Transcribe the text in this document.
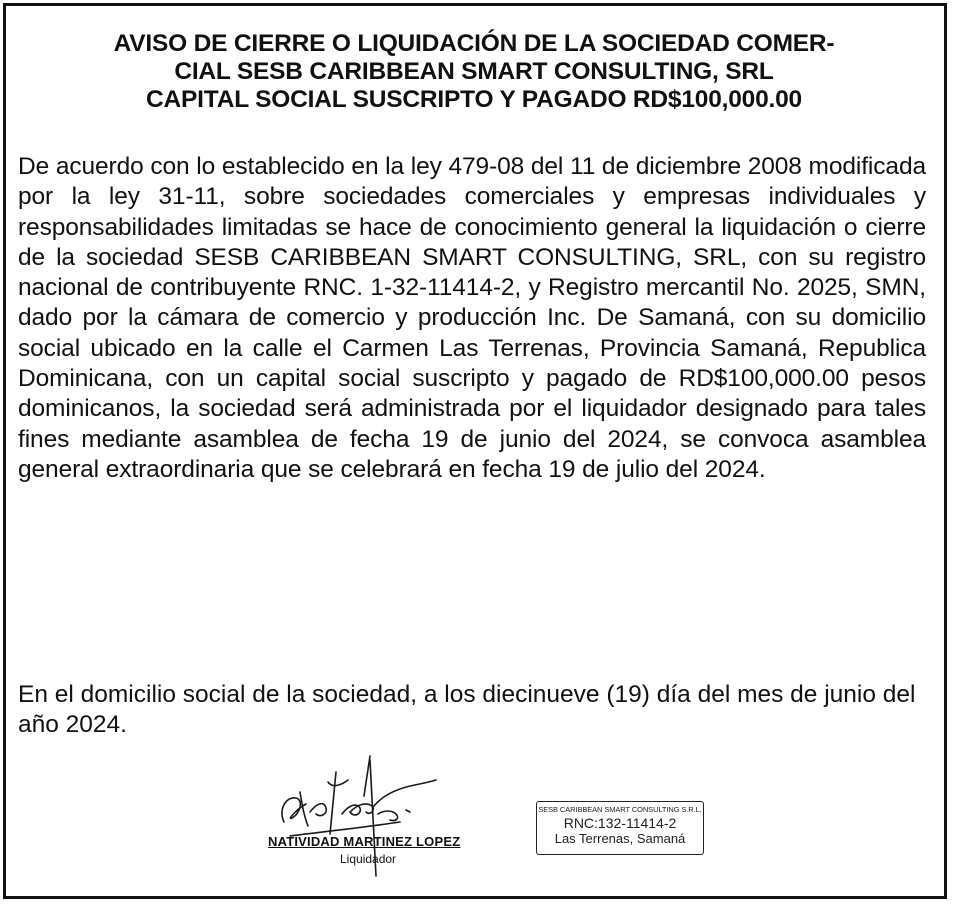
AVISO DE CIERRE O LIQUIDACIÓN DE LA SOCIEDAD COMER-
CIAL SESB CARIBBEAN SMART CONSULTING, SRL
CAPITAL SOCIAL SUSCRIPTO Y PAGADO RD$100,000.00

De acuerdo con lo establecido en la ley 479-08 del 11 de diciembre 2008 modificada por la ley 31-11, sobre sociedades comerciales y empresas individuales y responsabilidades limitadas se hace de conocimiento general la liquidación o cierre de la sociedad SESB CARIBBEAN SMART CONSULTING, SRL, con su registro nacional de contribuyente RNC. 1-32-11414-2, y Registro mercantil No. 2025, SMN, dado por la cámara de comercio y producción Inc. De Samaná, con su domicilio social ubicado en la calle el Carmen Las Terrenas, Provincia Samaná, Republica Dominicana, con un capital social suscripto y pagado de RD$100,000.00 pesos dominicanos, la sociedad será administrada por el liquidador designado para tales fines mediante asamblea de fecha 19 de junio del 2024, se convoca asamblea general extraordinaria que se celebrará en fecha 19 de julio del 2024.

En el domicilio social de la sociedad, a los diecinueve (19) día del mes de junio del año 2024.

NATIVIDAD MARTINEZ LOPEZ
Liquidador
SESB CARIBBEAN SMART CONSULTING S.R.L.
RNC:132-11414-2
Las Terrenas, Samaná
